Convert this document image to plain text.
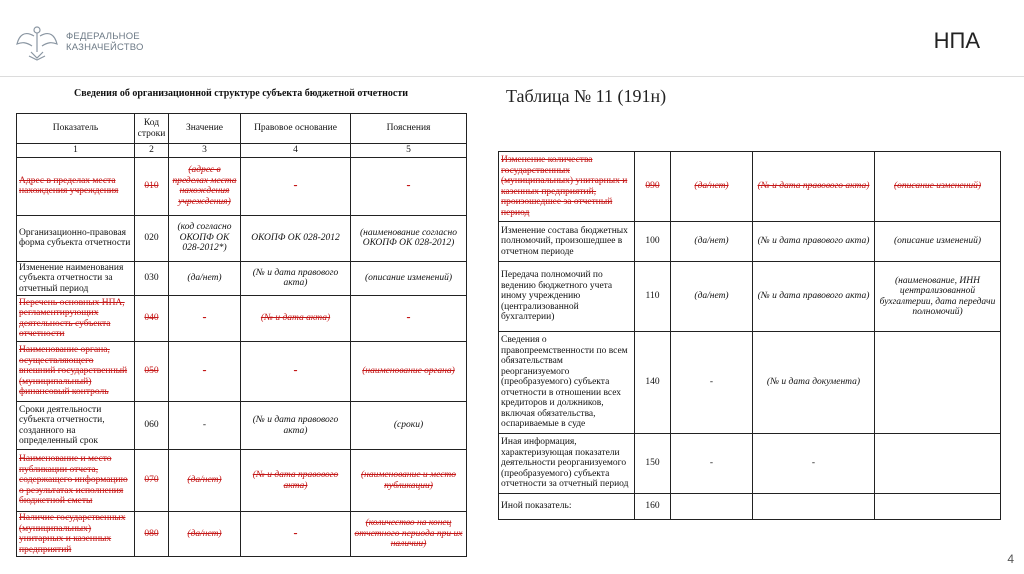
ФЕДЕРАЛЬНОЕ
КАЗНАЧЕЙСТВО	НПА
Сведения об организационной структуре субъекта бюджетной отчетности	Таблица № 11 (191н)
Показатель	Код строки	Значение	Правовое основание	Пояснения
1	2	3	4	5
Адрес в пределах места нахождения учреждения	010	(адрес в пределах места нахождения учреждения)	-	-
Организационно-правовая форма субъекта отчетности	020	(код согласно ОКОПФ ОК 028-2012*)	ОКОПФ ОК 028-2012	(наименование согласно ОКОПФ ОК 028-2012)
Изменение наименования субъекта отчетности за отчетный период	030	(да/нет)	(№ и дата правового акта)	(описание изменений)
Перечень основных НПА, регламентирующих деятельность субъекта отчетности	040	-	(№ и дата акта)	-
Наименование органа, осуществляющего внешний государственный (муниципальный) финансовый контроль	050	-	-	(наименование органа)
Сроки деятельности субъекта отчетности, созданного на определенный срок	060	-	(№ и дата правового акта)	(сроки)
Наименование и место публикации отчета, содержащего информацию о результатах исполнения бюджетной сметы	070	(да/нет)	(№ и дата правового акта)	(наименование и место публикации)
Наличие государственных (муниципальных) унитарных и казенных предприятий	080	(да/нет)	-	(количество на конец отчетного периода при их наличии)
Изменение количества государственных (муниципальных) унитарных и казенных предприятий, произошедшее за отчетный период	090	(да/нет)	(№ и дата правового акта)	(описание изменений)
Изменение состава бюджетных полномочий, произошедшее в отчетном периоде	100	(да/нет)	(№ и дата правового акта)	(описание изменений)
Передача полномочий по ведению бюджетного учета иному учреждению (централизованной бухгалтерии)	110	(да/нет)	(№ и дата правового акта)	(наименование, ИНН централизованной бухгалтерии, дата передачи полномочий)
Сведения о правопреемственности по всем обязательствам реорганизуемого (преобразуемого) субъекта отчетности в отношении всех кредиторов и должников, включая обязательства, оспариваемые в суде	140	-	(№ и дата документа)	
Иная информация, характеризующая показатели деятельности реорганизуемого (преобразуемого) субъекта отчетности за отчетный период	150	-	-	
Иной показатель:	160			
4
